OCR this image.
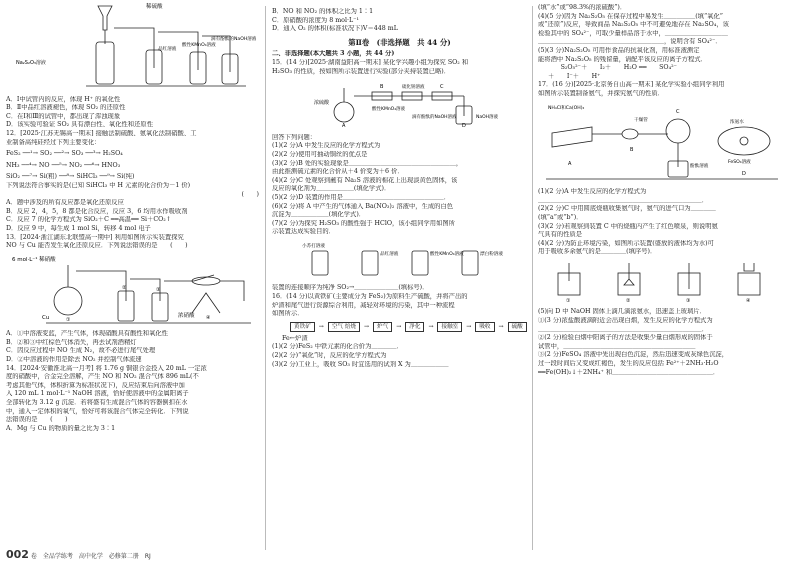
稀硫酸
Na₂S₂O₃溶液
品红溶液
酸性KMnO₄溶液
滴有酚酞的NaOH溶液
A．Ⅰ中试管内的反应，体现 H⁺ 的氧化性
B．Ⅱ中品红溶液褪色，体现 SO₂ 的还原性
C．在Ⅰ和Ⅲ的试管中，都出现了浑浊现象
D．该实验可验证 SO₂ 具有漂白性、氧化性和还原性
12．[2025·江苏无锡高一期末] 接触法制硫酸、氨氧化法制硝酸、工
业制备高纯硅经过下列主要变化：
FeS₂ ──¹→ SO₂ ──²→ SO₃ ──³→ H₂SO₄
NH₃ ──⁴→ NO ──⁵→ NO₂ ──⁶→ HNO₃
SiO₂ ──⁷→ Si(粗) ──⁸→ SiHCl₃ ──⁹→ Si(纯)
下列说法符合事实的是(已知 SiHCl₃ 中 H 元素的化合价为－1 价)
(　　)
A．题中涉及的所有反应都是氧化还原反应
B．反应 2，4，5，8 都是化合反应，反应 3，6 均用水作吸收剂
C．反应 7 的化学方程式为 SiO₂＋C ══高温══ Si＋CO₂↑
D．反应 9 中，每生成 1 mol Si，转移 4 mol 电子
13．[2024·浙江湖东北联盟高一期中] 利用如图所示实装置探究
NO 与 Cu 能否发生氧化还原反应．下列说法错误的是　　(　　)
6 mol·L⁻¹ 稀硝酸
Cu	浓硝酸
①
②	③
④
A．①中溶液变蓝，产生气体，体现硝酸具有酸性和氧化性
B．②和③中红棕色气体消失，再去试剂酒精灯
C．因反应过程中 NO 生成 N₂，故不必进行尾气处理
D．②中溶液的作用是除去 NO₂ 并控制气体流速
14．[2024·安徽淮北高一月考] 将 1.76 g 铜银合金投入 20 mL 一定浓
度的硝酸中，合金完全溶解，产生 NO 和 NO₂ 混合气体 896 mL(不
考虑其他气体，体积折算为标准状况下)，反应结束后向溶液中加
入 120 mL 1 mol·L⁻¹ NaOH 溶液，恰好使溶液中的金属阳离子
全部转化为 3.12 g 沉淀．若将盛有生成混合气体的容器倒扣在水
中，通入一定体积的氧气，恰好可将该混合气体完全转化．下列说
法错误的是　　(　　)
A．Mg 与 Cu 的物质的量之比为 3∶1
B．NO 和 NO₂ 的体积之比为 1∶1
C．原硝酸的浓度为 8 mol·L⁻¹
D．通入 O₂ 的体积(标准状况下)V＝448 mL
第Ⅱ卷　(非选择题　共 44 分)
二、非选择题(本大题共 3 小题，共 44 分)
15．(14 分)[2025·湖南益阳高一期末] 某化学兴趣小组为探究 SO₂ 和
H₂SO₃ 的性质，按如图所示装置进行实验(部分夹持装置已略)．
浓硫酸
酸性KMnO₄溶液
硫化钠溶液
滴有酚酞的NaOH溶液	NaOH溶液
A
B	C
D
回答下列问题：
(1)(2 分)A 中发生反应的化学方程式为
(2)(2 分)使用可抽动铜丝的优点是
(3)(2 分)B 处的实验现象是＿＿＿＿＿＿＿＿＿＿＿＿＿＿＿＿＿，
由此推测硫元素的化合价从＋4 价变为＋6 价．
(4)(2 分)C 处观察到蘸有 Na₂S 溶液的棉花上出现淡黄色固体，该
反应的氧化剂为＿＿＿＿＿＿(填化学式)．
(5)(2 分)D 装置的作用是＿＿＿＿＿＿＿＿＿＿＿＿＿＿＿＿．
(6)(2 分)将 A 中产生的气体通入 Ba(NO₃)₂ 溶液中，生成的白色
沉淀为＿＿＿＿＿＿(填化学式)．
(7)(2 分)为探究 H₂SO₃ 的酸性强于 HClO，该小组同学用如图所
示装置达成实验目的．
小苏打溶液
品红溶液	酸性KMnO₄溶液	漂白粉溶液
装置的连接顺序为纯净 SO₂→＿＿＿＿＿＿＿(填标号)．
16．(14 分)以黄铁矿(主要成分为 FeS₂)为原料生产硫酸，并将产出的
炉渣和尾气进行资源综合利用，减轻对环境的污染，其中一种流程
如图所示．
黄铁矿	→	空气 焙烧	→	炉气	→	净化	→	接触室	→	吸收	→	硫酸
Fe←炉渣
(1)(2 分)FeS₂ 中铁元素的化合价为＿＿＿＿．
(2)(2 分)“氧化”时，反应的化学方程式为
(3)(2 分)工业上，吸收 SO₃ 时宜选用的试剂 X 为＿＿＿＿＿＿
(填“水”或“98.3%的浓硫酸”)．
(4)(5 分)因为 Na₂S₂O₅ 在保存过程中易发生＿＿＿＿＿(填“氧化”
或“还原”)反应，导致商品 Na₂S₂O₅ 中不可避免地存在 Na₂SO₄，该
检验其中的 SO₄²⁻，可取少量样品溶于水中，＿＿＿＿＿＿＿＿＿＿
＿＿＿＿＿＿＿＿＿＿＿＿＿＿＿＿＿＿＿＿，说明含有 SO₄²⁻．
(5)(3 分)Na₂S₂O₅ 可用作食品的抗氧化剂，用标准液测定
能将酒中 Na₂S₂O₅ 的残留量，请配平该反应的离子方程式．
　　S₂O₅²⁻＋　　I₂＋　　H₂O ══　　SO₄²⁻
＋　　I⁻＋　　H⁺
17．(16 分)[2025·北京务自山高一期末] 某化学实验小组同学利用
如图所示装置制备氨气，并探究氨气的性质．
NH₄Cl和Ca(OH)₂
干燥管
酚酞溶液
FeSO₄溶液
浓氨水
A
B
C
D
(1)(2 分)A 中发生反应的化学方程式为
＿＿＿＿＿＿＿＿＿＿＿＿＿＿＿＿＿＿＿＿＿＿＿＿＿＿．
(2)(2 分)C 中用圆底烧瓶收集氨气时，氨气的进气口为＿＿＿＿
(填“a”或“b”)．
(3)(2 分)若观察到装置 C 中的烧瓶内产生了红色喷泉，则说明氨
气具有的性质是
(4)(2 分)为防止环境污染，如图所示装置(盛放的液体均为水)可
用于吸收多余氨气的是＿＿＿＿(填序号)．
①	②	③	④
(5)向 D 中 NaOH 固体上滴几滴浓氨水，迅速盖上玻璃片．
①(3 分)浓盐酸液滴附近会出现白烟，发生反应的化学方程式为
＿＿＿＿＿＿＿＿＿＿＿＿＿＿＿＿＿＿＿＿＿＿＿＿＿＿．
②(2 分)检验白烟中阳离子的方法是收集少量白烟形成的固体于
试管中，＿＿＿＿＿＿＿＿＿＿＿＿＿＿＿＿＿＿＿＿＿
③(2 分)FeSO₄ 溶液中先出现白色沉淀，然后迅速变成灰绿色沉淀，
过一段时间后又变成红褐色，发生的反应包括 Fe²⁺＋2NH₃·H₂O
══Fe(OH)₂↓＋2NH₄⁺ 和＿＿＿＿＿＿＿＿＿＿＿＿＿＿＿＿．
002 卷　全品学练考　高中化学　必修第二册　RJ
